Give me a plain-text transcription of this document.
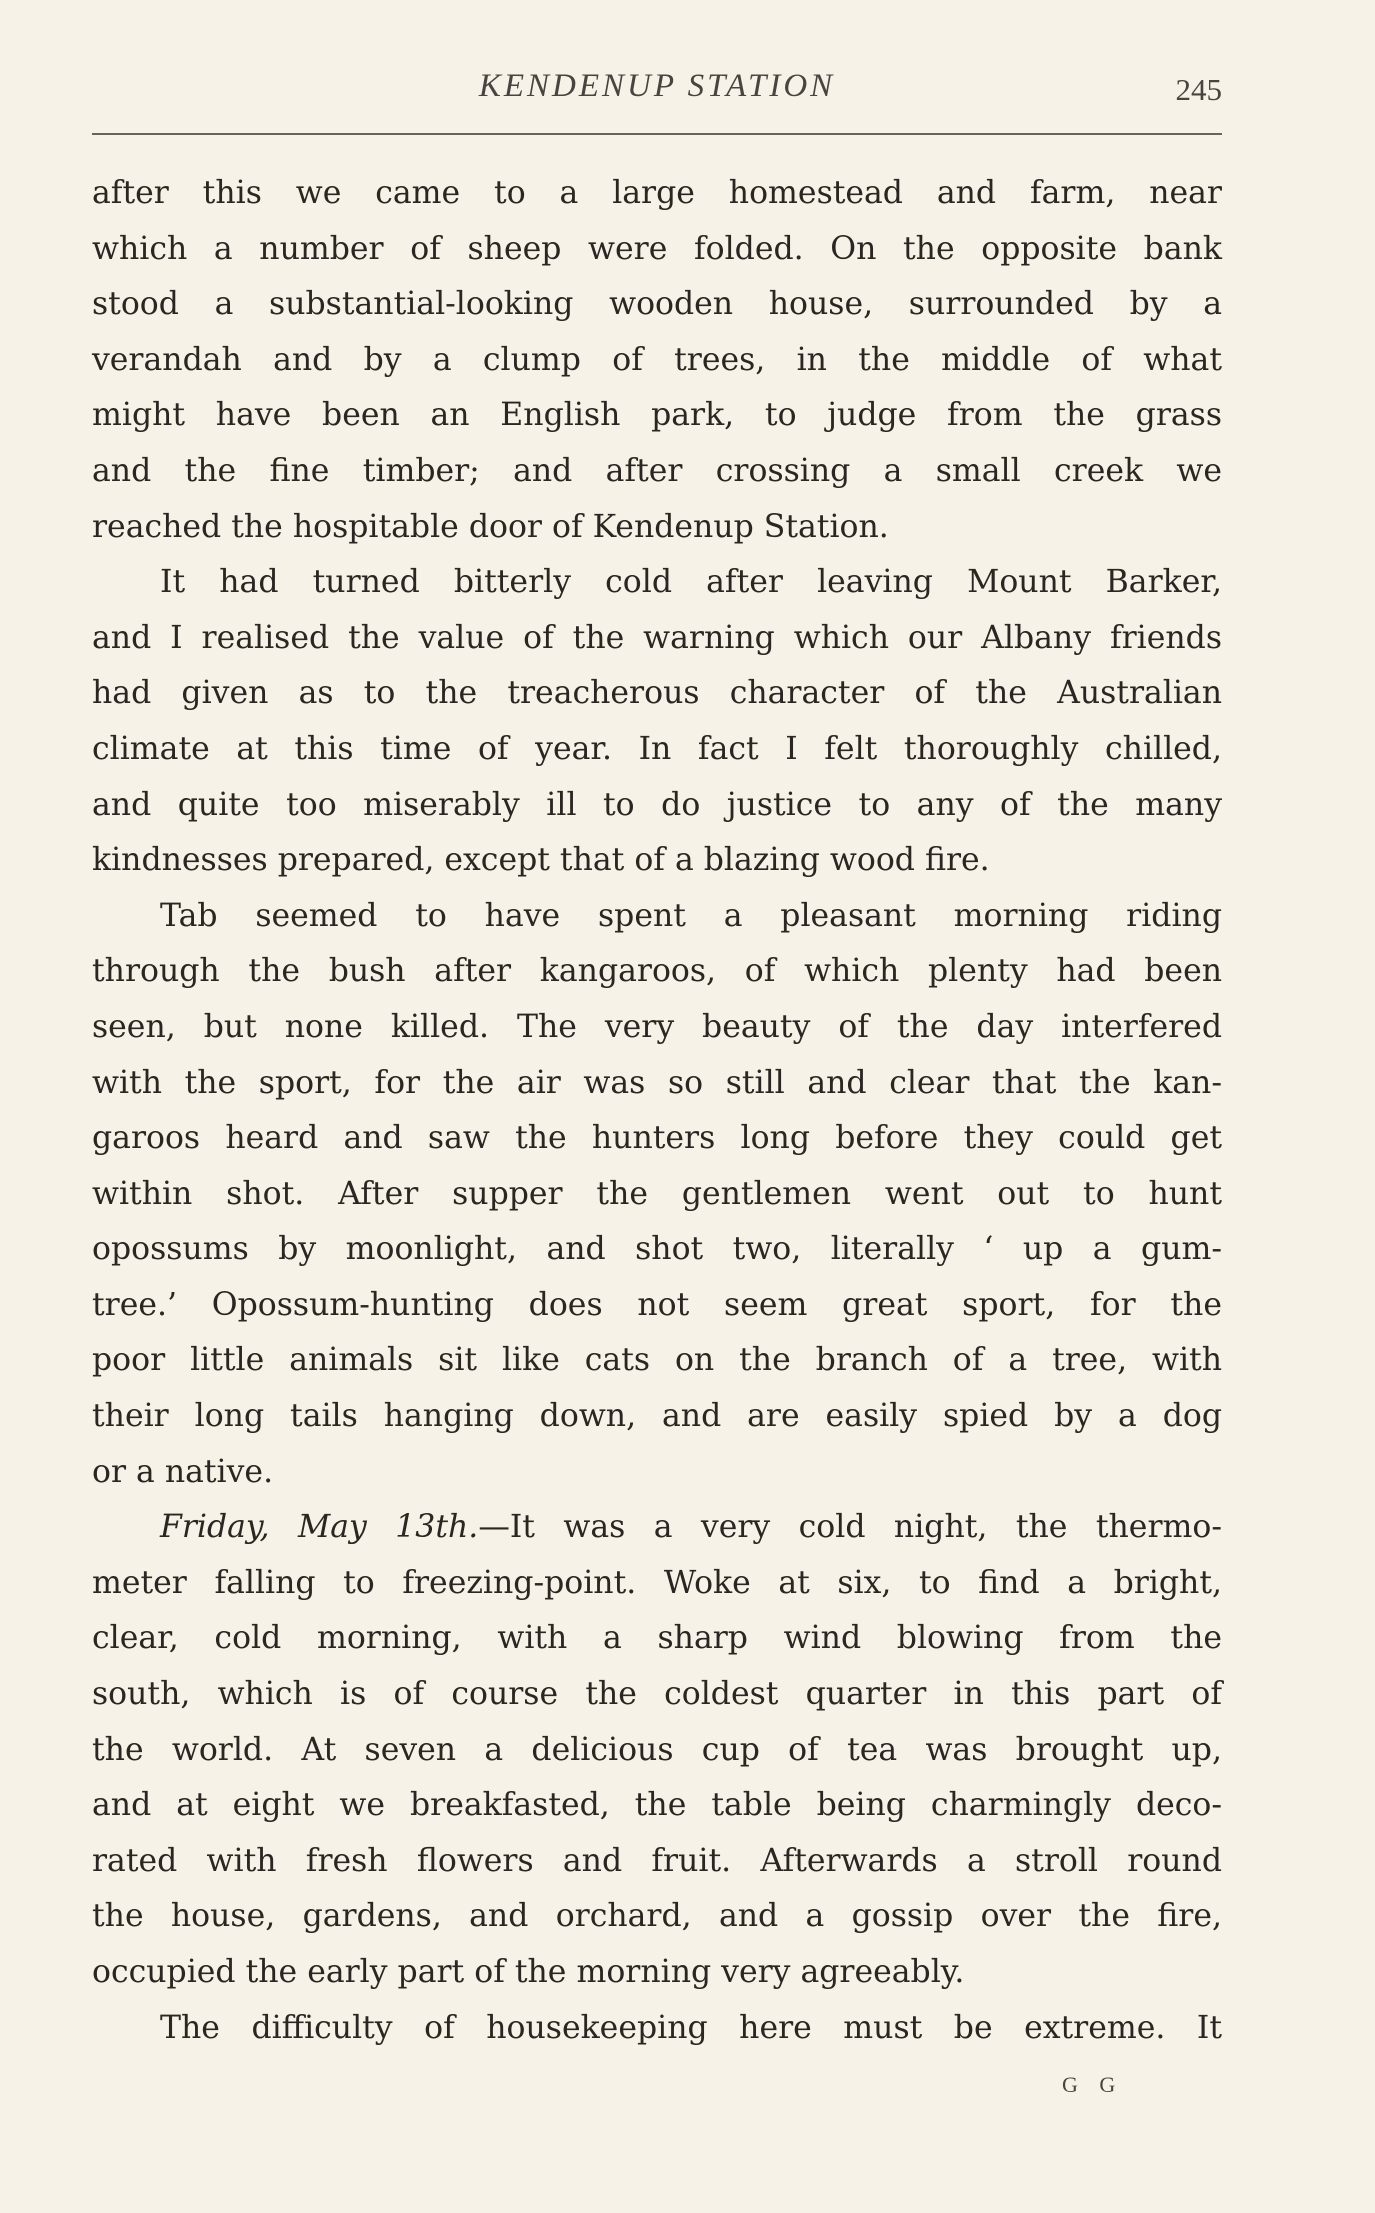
KENDENUP STATION	245
after this we came to a large homestead and farm, near
which a number of sheep were folded. On the opposite bank
stood a substantial-looking wooden house, surrounded by a
verandah and by a clump of trees, in the middle of what
might have been an English park, to judge from the grass
and the fine timber; and after crossing a small creek we
reached the hospitable door of Kendenup Station.
It had turned bitterly cold after leaving Mount Barker,
and I realised the value of the warning which our Albany friends
had given as to the treacherous character of the Australian
climate at this time of year. In fact I felt thoroughly chilled,
and quite too miserably ill to do justice to any of the many
kindnesses prepared, except that of a blazing wood fire.
Tab seemed to have spent a pleasant morning riding
through the bush after kangaroos, of which plenty had been
seen, but none killed. The very beauty of the day interfered
with the sport, for the air was so still and clear that the kan-
garoos heard and saw the hunters long before they could get
within shot. After supper the gentlemen went out to hunt
opossums by moonlight, and shot two, literally ‘ up a gum-
tree.’ Opossum-hunting does not seem great sport, for the
poor little animals sit like cats on the branch of a tree, with
their long tails hanging down, and are easily spied by a dog
or a native.
Friday, May 13th.—It was a very cold night, the thermo-
meter falling to freezing-point. Woke at six, to find a bright,
clear, cold morning, with a sharp wind blowing from the
south, which is of course the coldest quarter in this part of
the world. At seven a delicious cup of tea was brought up,
and at eight we breakfasted, the table being charmingly deco-
rated with fresh flowers and fruit. Afterwards a stroll round
the house, gardens, and orchard, and a gossip over the fire,
occupied the early part of the morning very agreeably.
The difficulty of housekeeping here must be extreme. It
G G
